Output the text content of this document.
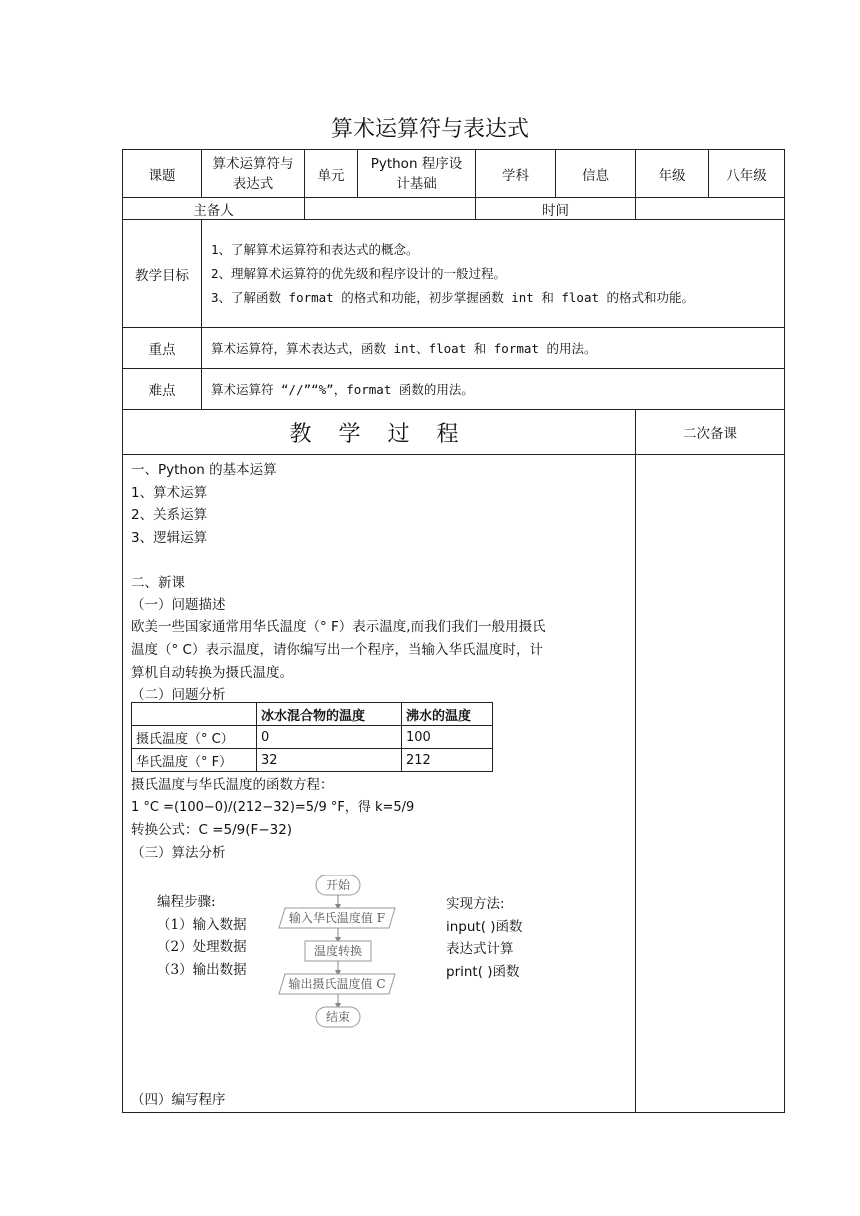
算术运算符与表达式
课题	算术运算符与表达式	单元	Python 程序设计基础	学科	信息	年级	八年级
主备人		时间	
教学目标	
1、了解算术运算符和表达式的概念。
2、理解算术运算符的优先级和程序设计的一般过程。
3、了解函数 format 的格式和功能，初步掌握函数 int 和 float 的格式和功能。

重点	算术运算符，算术表达式，函数 int、float 和 format 的用法。
难点	算术运算符 “//”“%”，format 函数的用法。
教 学 过 程	二次备课

一、Python 的基本运算
1、算术运算
2、关系运算
3、逻辑运算
二、新课
（一）问题描述
欧美一些国家通常用华氏温度（° F）表示温度,而我们我们一般用摄氏
温度（° C）表示温度，请你编写出一个程序，当输入华氏温度时，计
算机自动转换为摄氏温度。
（二）问题分析
	冰水混合物的温度	沸水的温度
摄氏温度（° C）	0	100
华氏温度（° F）	32	212
摄氏温度与华氏温度的函数方程：
1 °C =(100−0)/(212−32)=5/9 °F，得 k=5/9
转换公式：C =5/9(F−32)
（三）算法分析
编程步骤:
（1）输入数据
（2）处理数据
（3）输出数据
开始
输入华氏温度值 F
温度转换
输出摄氏温度值 C
结束
实现方法:
input( )函数
表达式计算
print( )函数
（四）编写程序
